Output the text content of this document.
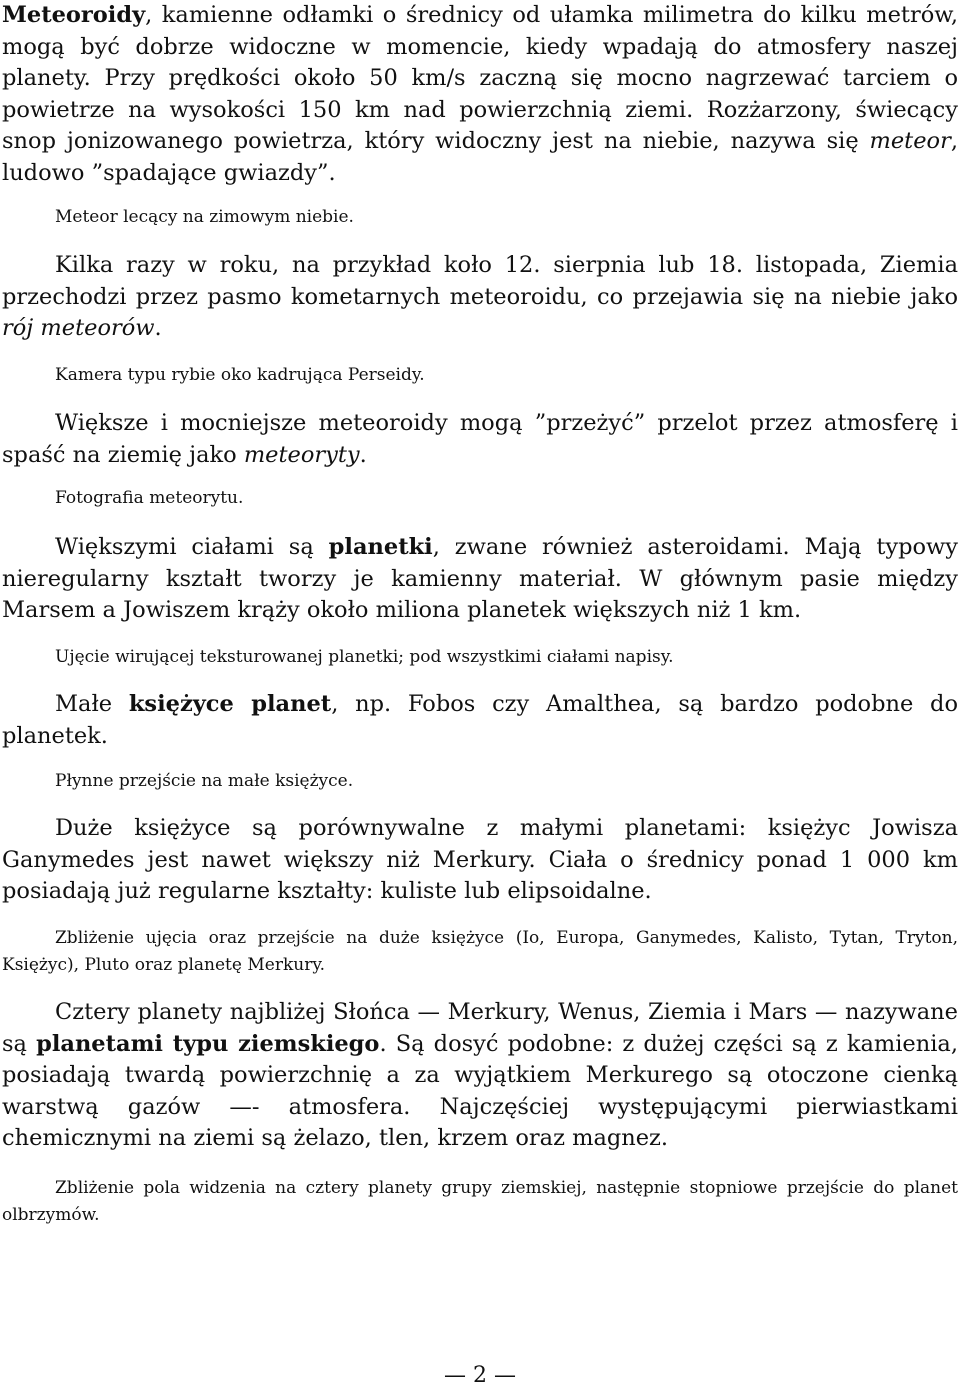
Meteoroidy, kamienne odłamki o średnicy od ułamka milimetra do kilku metrów, mogą być dobrze widoczne w momencie, kiedy wpadają do atmosfery naszej planety. Przy prędkości około 50 km/s zaczną się mocno nagrzewać tarciem o powietrze na wysokości 150 km nad powierzchnią ziemi. Rozżarzony, świecący snop jonizowanego powietrza, który widoczny jest na niebie, nazywa się meteor, ludowo ”spadające gwiazdy”.

Meteor lecący na zimowym niebie.

Kilka razy w roku, na przykład koło 12. sierpnia lub 18. listopada, Ziemia przechodzi przez pasmo kometarnych meteoroidu, co przejawia się na niebie jako rój meteorów.

Kamera typu rybie oko kadrująca Perseidy.

Większe i mocniejsze meteoroidy mogą ”przeżyć” przelot przez atmosferę i spaść na ziemię jako meteoryty.

Fotografia meteorytu.

Większymi ciałami są planetki, zwane również asteroidami. Mają typowy nieregularny kształt tworzy je kamienny materiał. W głównym pasie między Marsem a Jowiszem krąży około miliona planetek większych niż 1 km.

Ujęcie wirującej teksturowanej planetki; pod wszystkimi ciałami napisy.

Małe księżyce planet, np. Fobos czy Amalthea, są bardzo podobne do planetek.

Płynne przejście na małe księżyce.

Duże księżyce są porównywalne z małymi planetami: księżyc Jowisza Ganymedes jest nawet większy niż Merkury. Ciała o średnicy ponad 1 000 km posiadają już regularne kształty: kuliste lub elipsoidalne.

Zbliżenie ujęcia oraz przejście na duże księżyce (Io, Europa, Ganymedes, Kalisto, Tytan, Tryton, Księżyc), Pluto oraz planetę Merkury.

Cztery planety najbliżej Słońca — Merkury, Wenus, Ziemia i Mars — nazywane są planetami typu ziemskiego. Są dosyć podobne: z dużej części są z kamienia, posiadają twardą powierzchnię a za wyjątkiem Merkurego są otoczone cienką warstwą gazów —- atmosfera. Najczęściej występującymi pierwiastkami chemicznymi na ziemi są żelazo, tlen, krzem oraz magnez.

Zbliżenie pola widzenia na cztery planety grupy ziemskiej, następnie stopniowe przejście do planet olbrzymów.

— 2 —
